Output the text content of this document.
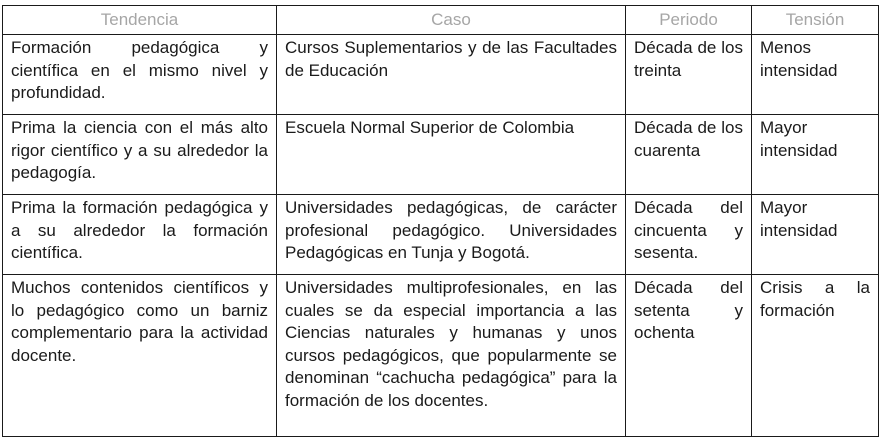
Tendencia	Caso	Periodo	Tensión
Formación pedagógica y científica en el mismo nivel y profundidad.	Cursos Suplementarios y de las Facultades de Educación	Década de los treinta	Menos intensidad
Prima la ciencia con el más alto rigor científico y a su alrededor la pedagogía.	Escuela Normal Superior de Colombia	Década de los cuarenta	Mayor intensidad
Prima la formación pedagógica y a su alrededor la formación científica.	Universidades pedagógicas, de carácter profesional pedagógico. Universidades Pedagógicas en Tunja y Bogotá.	Década del cincuenta y sesenta.	Mayor intensidad
Muchos contenidos científicos y lo pedagógico como un barniz complementario para la actividad docente.	Universidades multiprofesionales, en las cuales se da especial importancia a las Ciencias naturales y humanas y unos cursos pedagógicos, que popularmente se denominan “cachucha pedagógica” para la formación de los docentes.	Década del setenta y ochenta	Crisis a la formación
